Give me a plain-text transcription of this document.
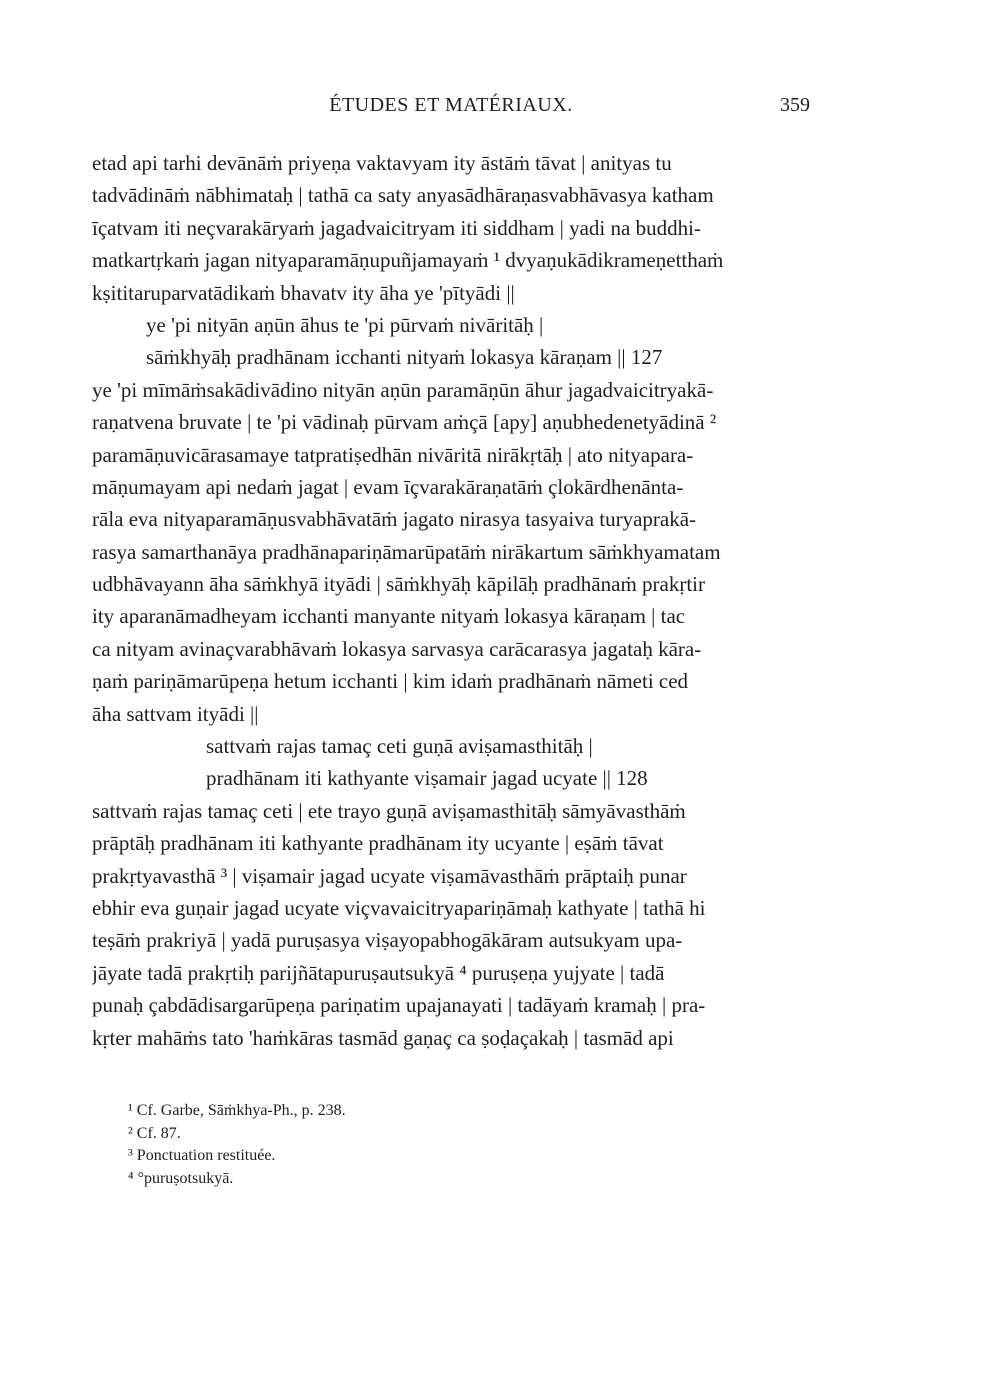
ÉTUDES ET MATÉRIAUX.	359
etad api tarhi devānāṁ priyeṇa vaktavyam ity āstāṁ tāvat | anityas tu
tadvādināṁ nābhimataḥ | tathā ca saty anyasādhāraṇasvabhāvasya katham
īçatvam iti neçvarakāryaṁ jagadvaicitryam iti siddham | yadi na buddhi-
matkartṛkaṁ jagan nityaparamāṇupuñjamayaṁ ¹ dvyaṇukādikrameṇetthaṁ
kṣititaruparvatādikaṁ bhavatv ity āha ye 'pītyādi ||
ye 'pi nityān aṇūn āhus te 'pi pūrvaṁ nivāritāḥ |
sāṁkhyāḥ pradhānam icchanti nityaṁ lokasya kāraṇam || 127
ye 'pi mīmāṁsakādivādino nityān aṇūn paramāṇūn āhur jagadvaicitryakā-
raṇatvena bruvate | te 'pi vādinaḥ pūrvam aṁçā [apy] aṇubhedenetyādinā ²
paramāṇuvicārasamaye tatpratiṣedhān nivāritā nirākṛtāḥ | ato nityapara-
māṇumayam api nedaṁ jagat | evam īçvarakāraṇatāṁ çlokārdhenānta-
rāla eva nityaparamāṇusvabhāvatāṁ jagato nirasya tasyaiva turyaprakā-
rasya samarthanāya pradhānapariṇāmarūpatāṁ nirākartum sāṁkhyamatam
udbhāvayann āha sāṁkhyā ityādi | sāṁkhyāḥ kāpilāḥ pradhānaṁ prakṛtir
ity aparanāmadheyam icchanti manyante nityaṁ lokasya kāraṇam | tac
ca nityam avinaçvarabhāvaṁ lokasya sarvasya carācarasya jagataḥ kāra-
ṇaṁ pariṇāmarūpeṇa hetum icchanti | kim idaṁ pradhānaṁ nāmeti ced
āha sattvam ityādi ||
sattvaṁ rajas tamaç ceti guṇā aviṣamasthitāḥ |
pradhānam iti kathyante viṣamair jagad ucyate || 128
sattvaṁ rajas tamaç ceti | ete trayo guṇā aviṣamasthitāḥ sāmyāvasthāṁ
prāptāḥ pradhānam iti kathyante pradhānam ity ucyante | eṣāṁ tāvat
prakṛtyavasthā ³ | viṣamair jagad ucyate viṣamāvasthāṁ prāptaiḥ punar
ebhir eva guṇair jagad ucyate viçvavaicitryapariṇāmaḥ kathyate | tathā hi
teṣāṁ prakriyā | yadā puruṣasya viṣayopabhogākāram autsukyam upa-
jāyate tadā prakṛtiḥ parijñātapuruṣautsukyā ⁴ puruṣeṇa yujyate | tadā
punaḥ çabdādisargarūpeṇa pariṇatim upajanayati | tadāyaṁ kramaḥ | pra-
kṛter mahāṁs tato 'haṁkāras tasmād gaṇaç ca ṣoḍaçakaḥ | tasmād api
¹ Cf. Garbe, Sāṁkhya-Ph., p. 238.
² Cf. 87.
³ Ponctuation restituée.
⁴ °puruṣotsukyā.
